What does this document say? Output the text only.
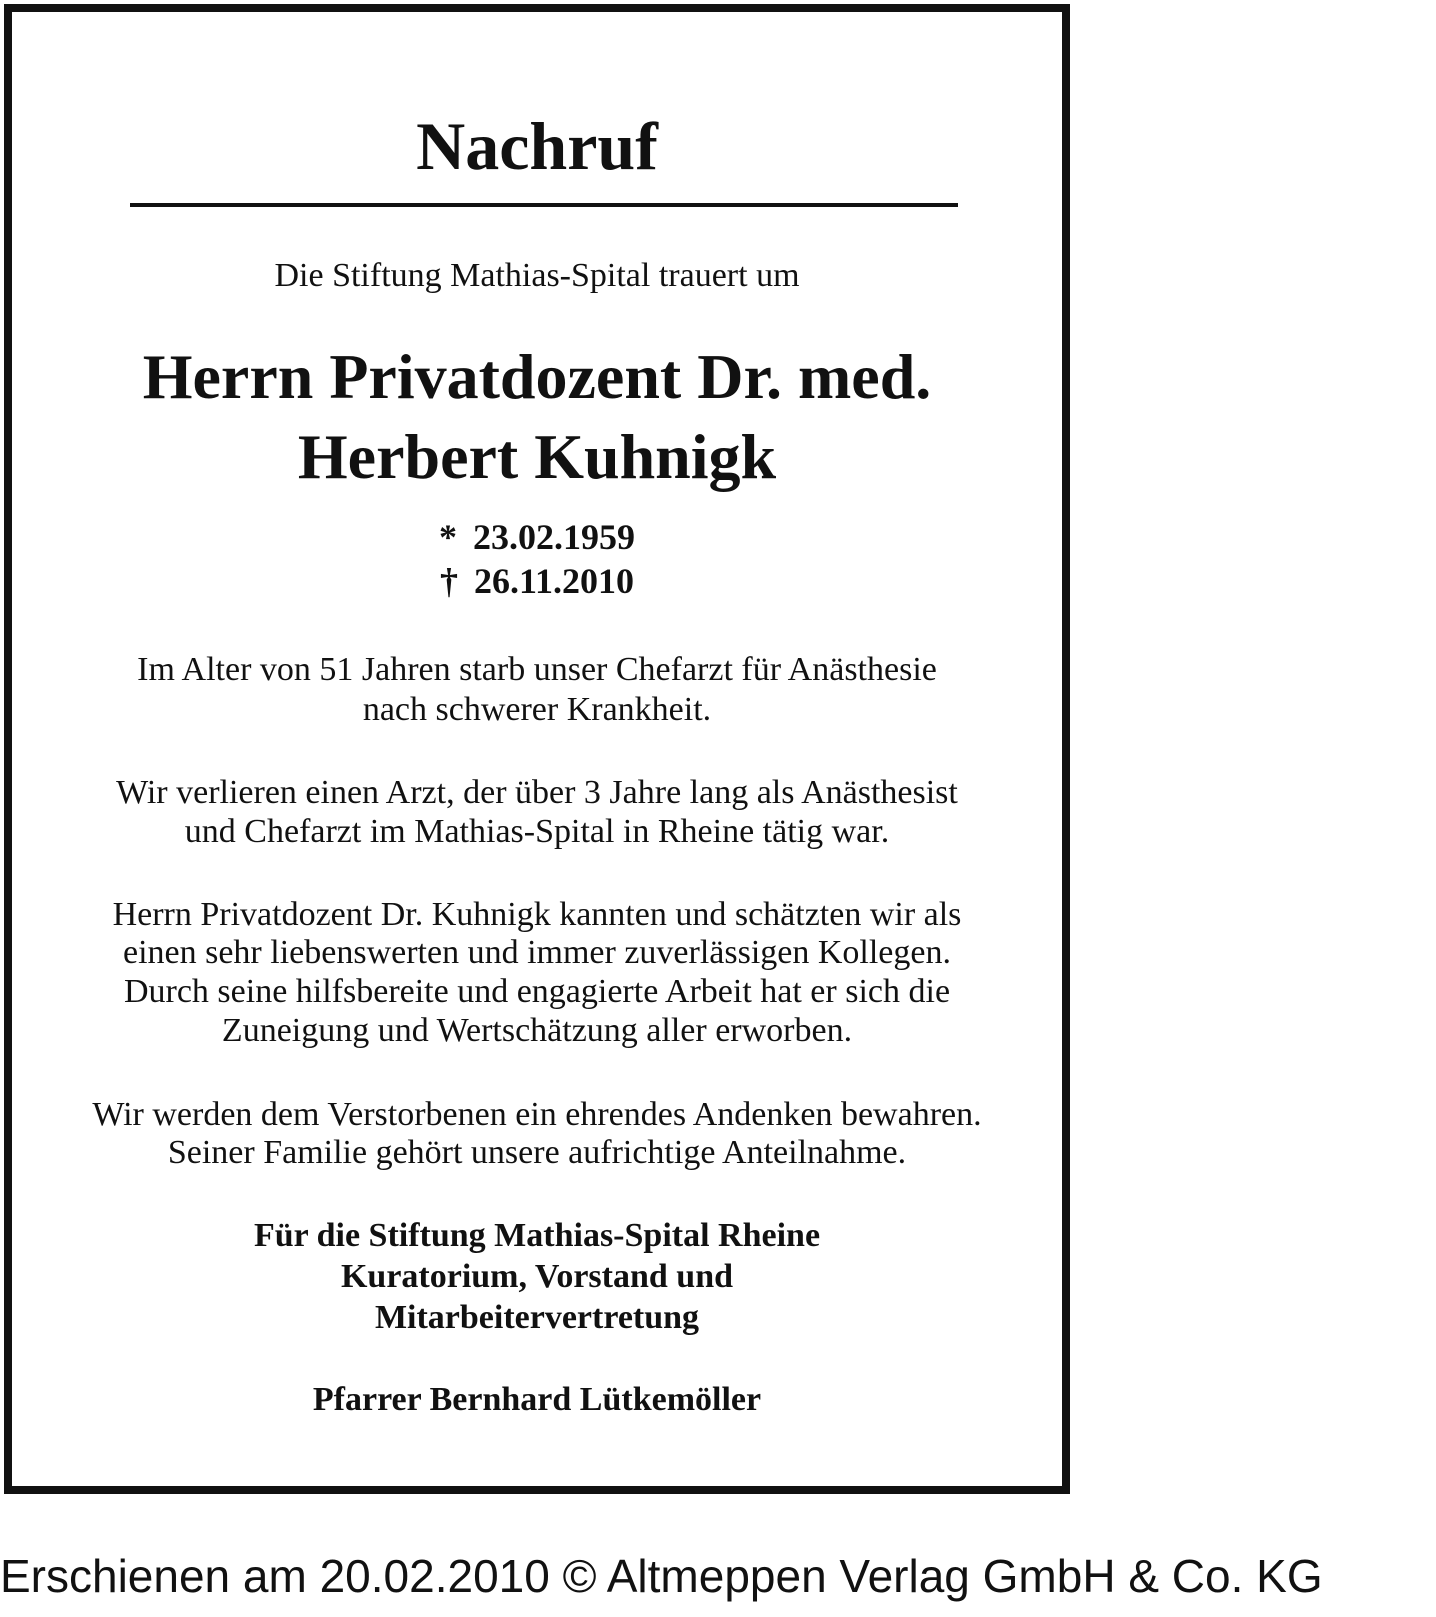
Nachruf
Die Stiftung Mathias-Spital trauert um
Herrn Privatdozent Dr. med.
Herbert Kuhnigk
* 23.02.1959
† 26.11.2010
Im Alter von 51 Jahren starb unser Chefarzt für Anästhesie
nach schwerer Krankheit.
Wir verlieren einen Arzt, der über 3 Jahre lang als Anästhesist
und Chefarzt im Mathias-Spital in Rheine tätig war.
Herrn Privatdozent Dr. Kuhnigk kannten und schätzten wir als
einen sehr liebenswerten und immer zuverlässigen Kollegen.
Durch seine hilfsbereite und engagierte Arbeit hat er sich die
Zuneigung und Wertschätzung aller erworben.
Wir werden dem Verstorbenen ein ehrendes Andenken bewahren.
Seiner Familie gehört unsere aufrichtige Anteilnahme.
Für die Stiftung Mathias-Spital Rheine
Kuratorium, Vorstand und
Mitarbeitervertretung
Pfarrer Bernhard Lütkemöller
Erschienen am 20.02.2010 © Altmeppen Verlag GmbH & Co. KG
